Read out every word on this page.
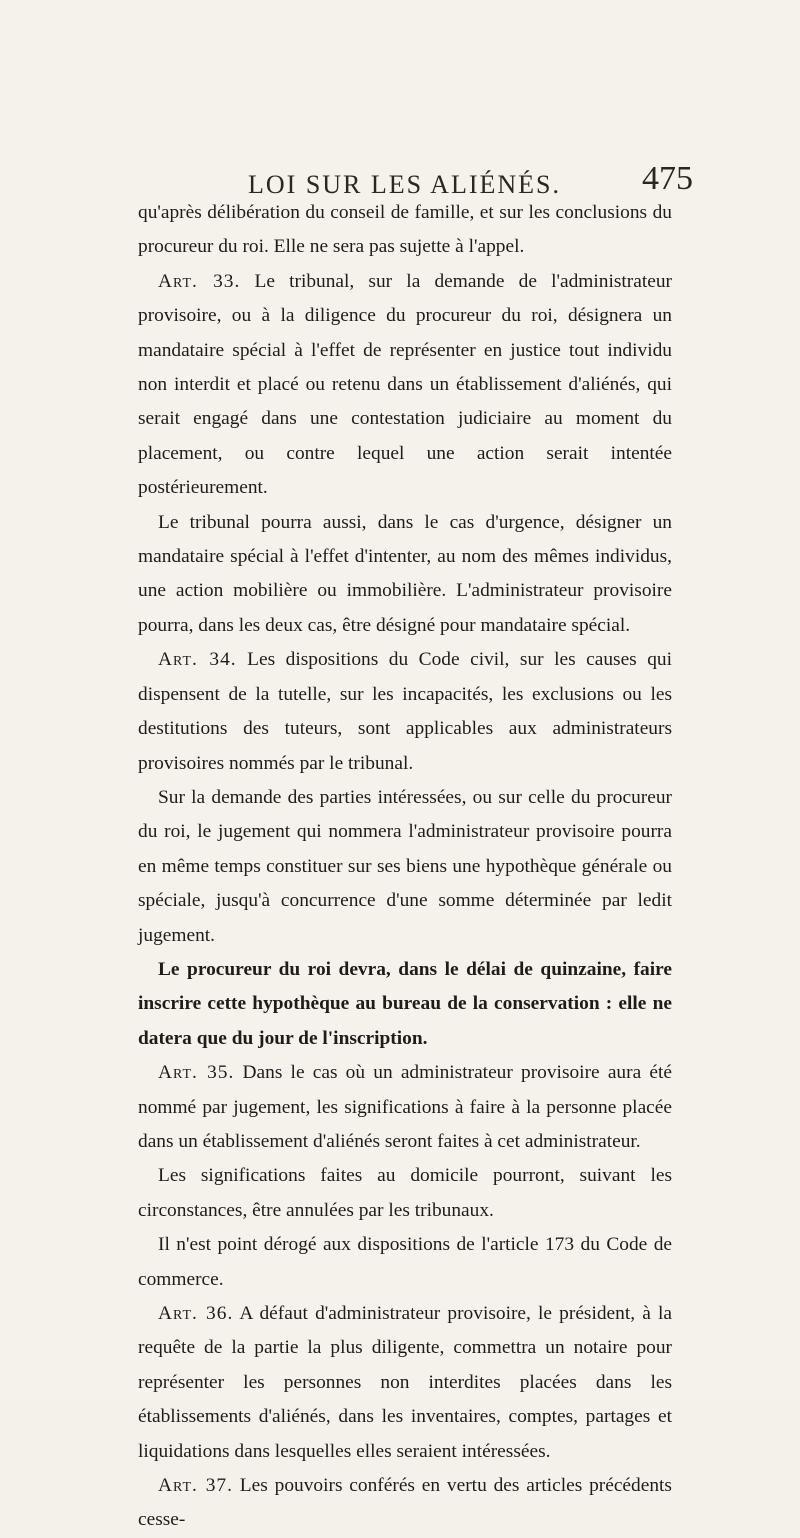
LOI SUR LES ALIÉNÉS. 475

qu'après délibération du conseil de famille, et sur les conclusions du procureur du roi. Elle ne sera pas sujette à l'appel.

Art. 33. Le tribunal, sur la demande de l'administrateur provisoire, ou à la diligence du procureur du roi, désignera un mandataire spécial à l'effet de représenter en justice tout individu non interdit et placé ou retenu dans un établissement d'aliénés, qui serait engagé dans une contestation judiciaire au moment du placement, ou contre lequel une action serait intentée postérieurement.

Le tribunal pourra aussi, dans le cas d'urgence, désigner un mandataire spécial à l'effet d'intenter, au nom des mêmes individus, une action mobilière ou immobilière. L'administrateur provisoire pourra, dans les deux cas, être désigné pour mandataire spécial.

Art. 34. Les dispositions du Code civil, sur les causes qui dispensent de la tutelle, sur les incapacités, les exclusions ou les destitutions des tuteurs, sont applicables aux administrateurs provisoires nommés par le tribunal.

Sur la demande des parties intéressées, ou sur celle du procureur du roi, le jugement qui nommera l'administrateur provisoire pourra en même temps constituer sur ses biens une hypothèque générale ou spéciale, jusqu'à concurrence d'une somme déterminée par ledit jugement.

Le procureur du roi devra, dans le délai de quinzaine, faire inscrire cette hypothèque au bureau de la conservation : elle ne datera que du jour de l'inscription.

Art. 35. Dans le cas où un administrateur provisoire aura été nommé par jugement, les significations à faire à la personne placée dans un établissement d'aliénés seront faites à cet administrateur.

Les significations faites au domicile pourront, suivant les circonstances, être annulées par les tribunaux.

Il n'est point dérogé aux dispositions de l'article 173 du Code de commerce.

Art. 36. A défaut d'administrateur provisoire, le président, à la requête de la partie la plus diligente, commettra un notaire pour représenter les personnes non interdites placées dans les établissements d'aliénés, dans les inventaires, comptes, partages et liquidations dans lesquelles elles seraient intéressées.

Art. 37. Les pouvoirs conférés en vertu des articles précédents cesse-
